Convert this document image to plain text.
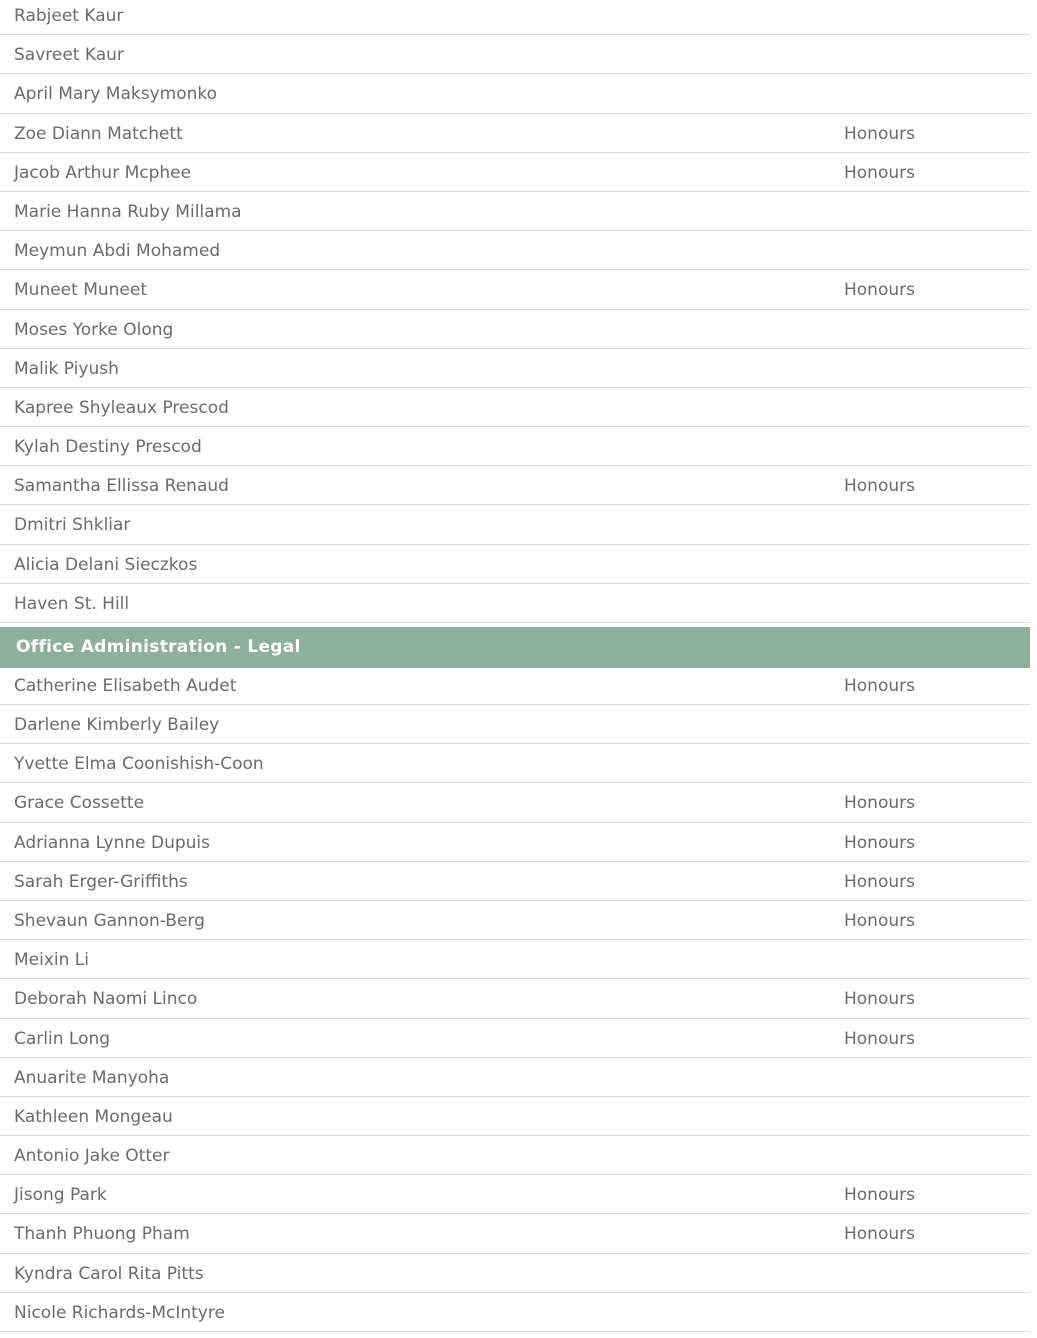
Rabjeet Kaur
Savreet Kaur
April Mary Maksymonko
Zoe Diann Matchett	Honours
Jacob Arthur Mcphee	Honours
Marie Hanna Ruby Millama
Meymun Abdi Mohamed
Muneet Muneet	Honours
Moses Yorke Olong
Malik Piyush
Kapree Shyleaux Prescod
Kylah Destiny Prescod
Samantha Ellissa Renaud	Honours
Dmitri Shkliar
Alicia Delani Sieczkos
Haven St. Hill
Office Administration - Legal
Catherine Elisabeth Audet	Honours
Darlene Kimberly Bailey
Yvette Elma Coonishish-Coon
Grace Cossette	Honours
Adrianna Lynne Dupuis	Honours
Sarah Erger-Griffiths	Honours
Shevaun Gannon-Berg	Honours
Meixin Li
Deborah Naomi Linco	Honours
Carlin Long	Honours
Anuarite Manyoha
Kathleen Mongeau
Antonio Jake Otter
Jisong Park	Honours
Thanh Phuong Pham	Honours
Kyndra Carol Rita Pitts
Nicole Richards-McIntyre
